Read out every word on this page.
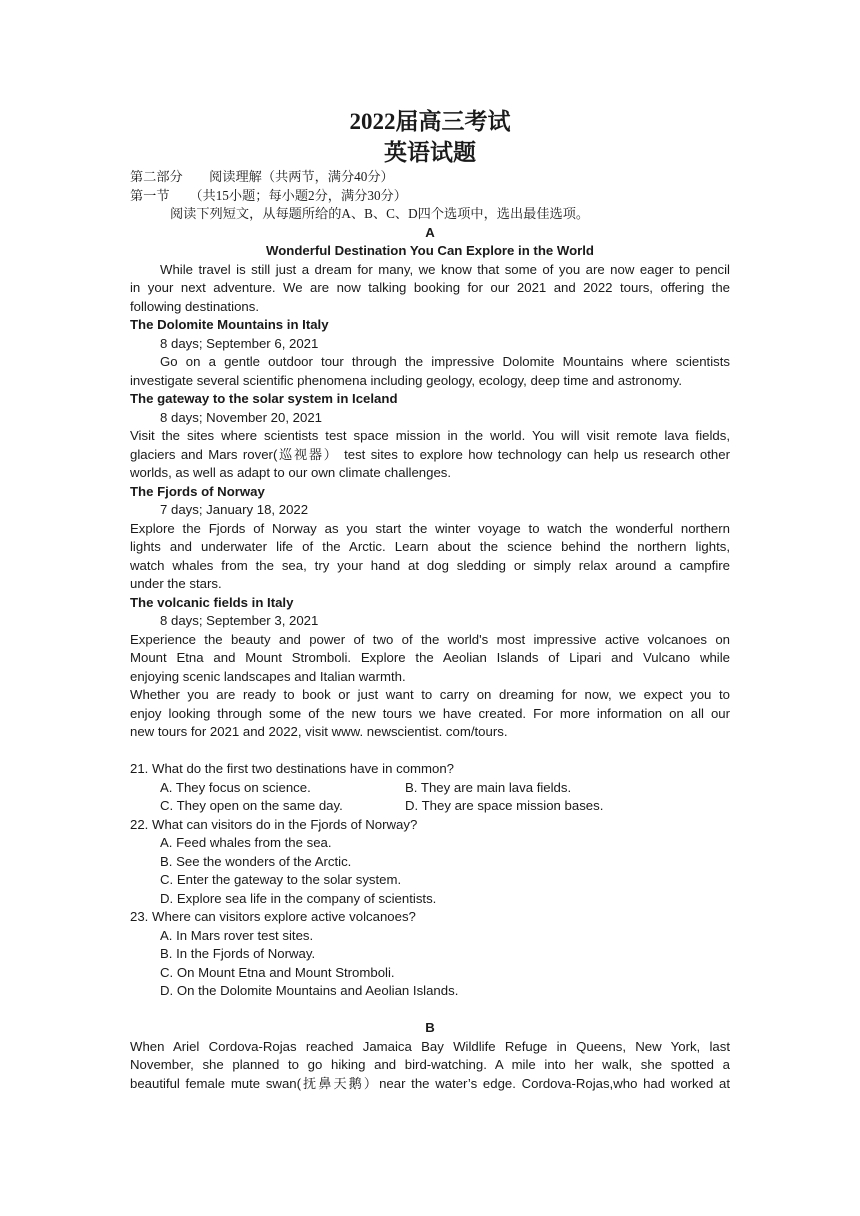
2022届高三考试
英语试题
第二部分　　阅读理解（共两节，满分40分）
第一节　　（共15小题；每小题2分，满分30分）
阅读下列短文，从每题所给的A、B、C、D四个选项中，选出最佳选项。
A
Wonderful Destination You Can Explore in the World
While travel is still just a dream for many, we know that some of you are now eager to pencil
in your next adventure. We are now talking booking for our 2021 and 2022 tours, offering the
following destinations.
The Dolomite Mountains in Italy
8 days; September 6, 2021
Go on a gentle outdoor tour through the impressive Dolomite Mountains where scientists
investigate several scientific phenomena including geology, ecology, deep time and astronomy.
The gateway to the solar system in Iceland
8 days; November 20, 2021
Visit the sites where scientists test space mission in the world. You will visit remote lava fields,
glaciers and Mars rover(巡视器） test sites to explore how technology can help us research other
worlds, as well as adapt to our own climate challenges.
The Fjords of Norway
7 days; January 18, 2022
Explore the Fjords of Norway as you start the winter voyage to watch the wonderful northern
lights and underwater life of the Arctic. Learn about the science behind the northern lights,
watch whales from the sea, try your hand at dog sledding or simply relax around a campfire
under the stars.
The volcanic fields in Italy
8 days; September 3, 2021
Experience the beauty and power of two of the world's most impressive active volcanoes on
Mount Etna and Mount Stromboli. Explore the Aeolian Islands of Lipari and Vulcano while
enjoying scenic landscapes and Italian warmth.
Whether you are ready to book or just want to carry on dreaming for now, we expect you to
enjoy looking through some of the new tours we have created. For more information on all our
new tours for 2021 and 2022, visit www. newscientist. com/tours.
21. What do the first two destinations have in common?
A. They focus on science.	B. They are main lava fields.
C. They open on the same day.	D. They are space mission bases.
22. What can visitors do in the Fjords of Norway?
A. Feed whales from the sea.
B. See the wonders of the Arctic.
C. Enter the gateway to the solar system.
D. Explore sea life in the company of scientists.
23. Where can visitors explore active volcanoes?
A. In Mars rover test sites.
B. In the Fjords of Norway.
C. On Mount Etna and Mount Stromboli.
D. On the Dolomite Mountains and Aeolian Islands.
B
When Ariel Cordova-Rojas reached Jamaica Bay Wildlife Refuge in Queens, New York, last
November, she planned to go hiking and bird-watching. A mile into her walk, she spotted a
beautiful female mute swan(抚鼻天鹅）near the water’s edge. Cordova-Rojas,who had worked at
